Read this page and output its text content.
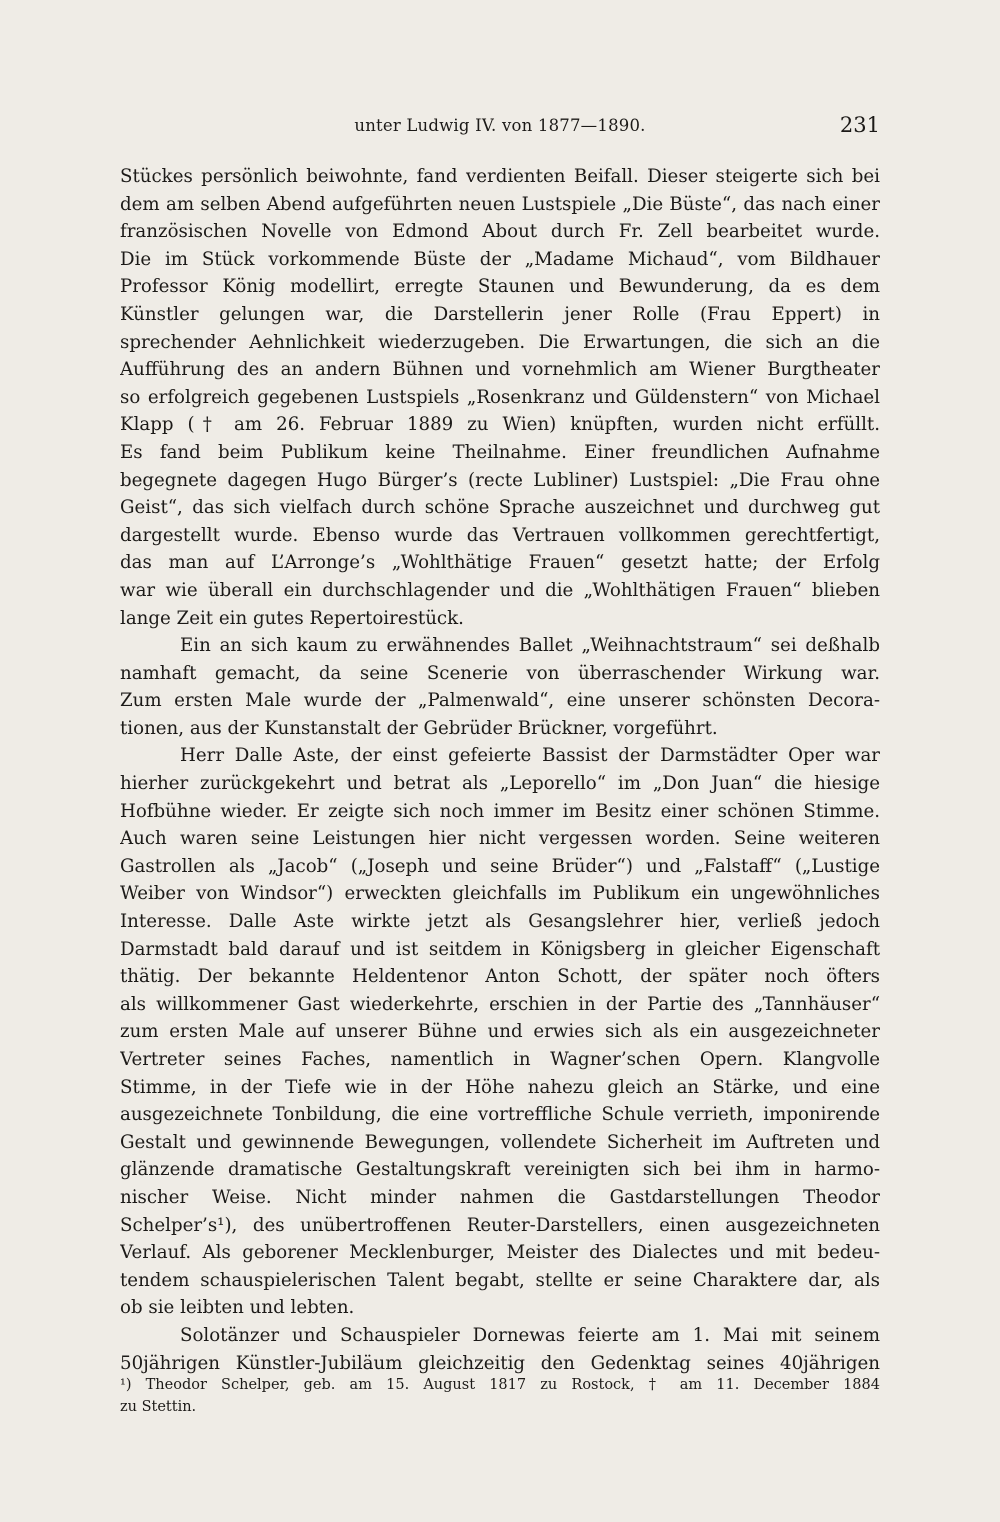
unter Ludwig IV. von 1877—1890.	231
Stückes persönlich beiwohnte, fand verdienten Beifall. Dieser steigerte sich bei
dem am selben Abend aufgeführten neuen Lustspiele „Die Büste“, das nach einer
französischen Novelle von Edmond About durch Fr. Zell bearbeitet wurde.
Die im Stück vorkommende Büste der „Madame Michaud“, vom Bildhauer
Professor König modellirt, erregte Staunen und Bewunderung, da es dem
Künstler gelungen war, die Darstellerin jener Rolle (Frau Eppert) in
sprechender Aehnlichkeit wiederzugeben. Die Erwartungen, die sich an die
Aufführung des an andern Bühnen und vornehmlich am Wiener Burgtheater
so erfolgreich gegebenen Lustspiels „Rosenkranz und Güldenstern“ von Michael
Klapp († am 26. Februar 1889 zu Wien) knüpften, wurden nicht erfüllt.
Es fand beim Publikum keine Theilnahme. Einer freundlichen Aufnahme
begegnete dagegen Hugo Bürger’s (recte Lubliner) Lustspiel: „Die Frau ohne
Geist“, das sich vielfach durch schöne Sprache auszeichnet und durchweg gut
dargestellt wurde. Ebenso wurde das Vertrauen vollkommen gerechtfertigt,
das man auf L’Arronge’s „Wohlthätige Frauen“ gesetzt hatte; der Erfolg
war wie überall ein durchschlagender und die „Wohlthätigen Frauen“ blieben
lange Zeit ein gutes Repertoirestück.
Ein an sich kaum zu erwähnendes Ballet „Weihnachtstraum“ sei deßhalb
namhaft gemacht, da seine Scenerie von überraschender Wirkung war.
Zum ersten Male wurde der „Palmenwald“, eine unserer schönsten Decora-
tionen, aus der Kunstanstalt der Gebrüder Brückner, vorgeführt.
Herr Dalle Aste, der einst gefeierte Bassist der Darmstädter Oper war
hierher zurückgekehrt und betrat als „Leporello“ im „Don Juan“ die hiesige
Hofbühne wieder. Er zeigte sich noch immer im Besitz einer schönen Stimme.
Auch waren seine Leistungen hier nicht vergessen worden. Seine weiteren
Gastrollen als „Jacob“ („Joseph und seine Brüder“) und „Falstaff“ („Lustige
Weiber von Windsor“) erweckten gleichfalls im Publikum ein ungewöhnliches
Interesse. Dalle Aste wirkte jetzt als Gesangslehrer hier, verließ jedoch
Darmstadt bald darauf und ist seitdem in Königsberg in gleicher Eigenschaft
thätig. Der bekannte Heldentenor Anton Schott, der später noch öfters
als willkommener Gast wiederkehrte, erschien in der Partie des „Tannhäuser“
zum ersten Male auf unserer Bühne und erwies sich als ein ausgezeichneter
Vertreter seines Faches, namentlich in Wagner’schen Opern. Klangvolle
Stimme, in der Tiefe wie in der Höhe nahezu gleich an Stärke, und eine
ausgezeichnete Tonbildung, die eine vortreffliche Schule verrieth, imponirende
Gestalt und gewinnende Bewegungen, vollendete Sicherheit im Auftreten und
glänzende dramatische Gestaltungskraft vereinigten sich bei ihm in harmo-
nischer Weise. Nicht minder nahmen die Gastdarstellungen Theodor
Schelper’s¹), des unübertroffenen Reuter-Darstellers, einen ausgezeichneten
Verlauf. Als geborener Mecklenburger, Meister des Dialectes und mit bedeu-
tendem schauspielerischen Talent begabt, stellte er seine Charaktere dar, als
ob sie leibten und lebten.
Solotänzer und Schauspieler Dornewas feierte am 1. Mai mit seinem
50jährigen Künstler-Jubiläum gleichzeitig den Gedenktag seines 40jährigen
¹) Theodor Schelper, geb. am 15. August 1817 zu Rostock, † am 11. December 1884
zu Stettin.
